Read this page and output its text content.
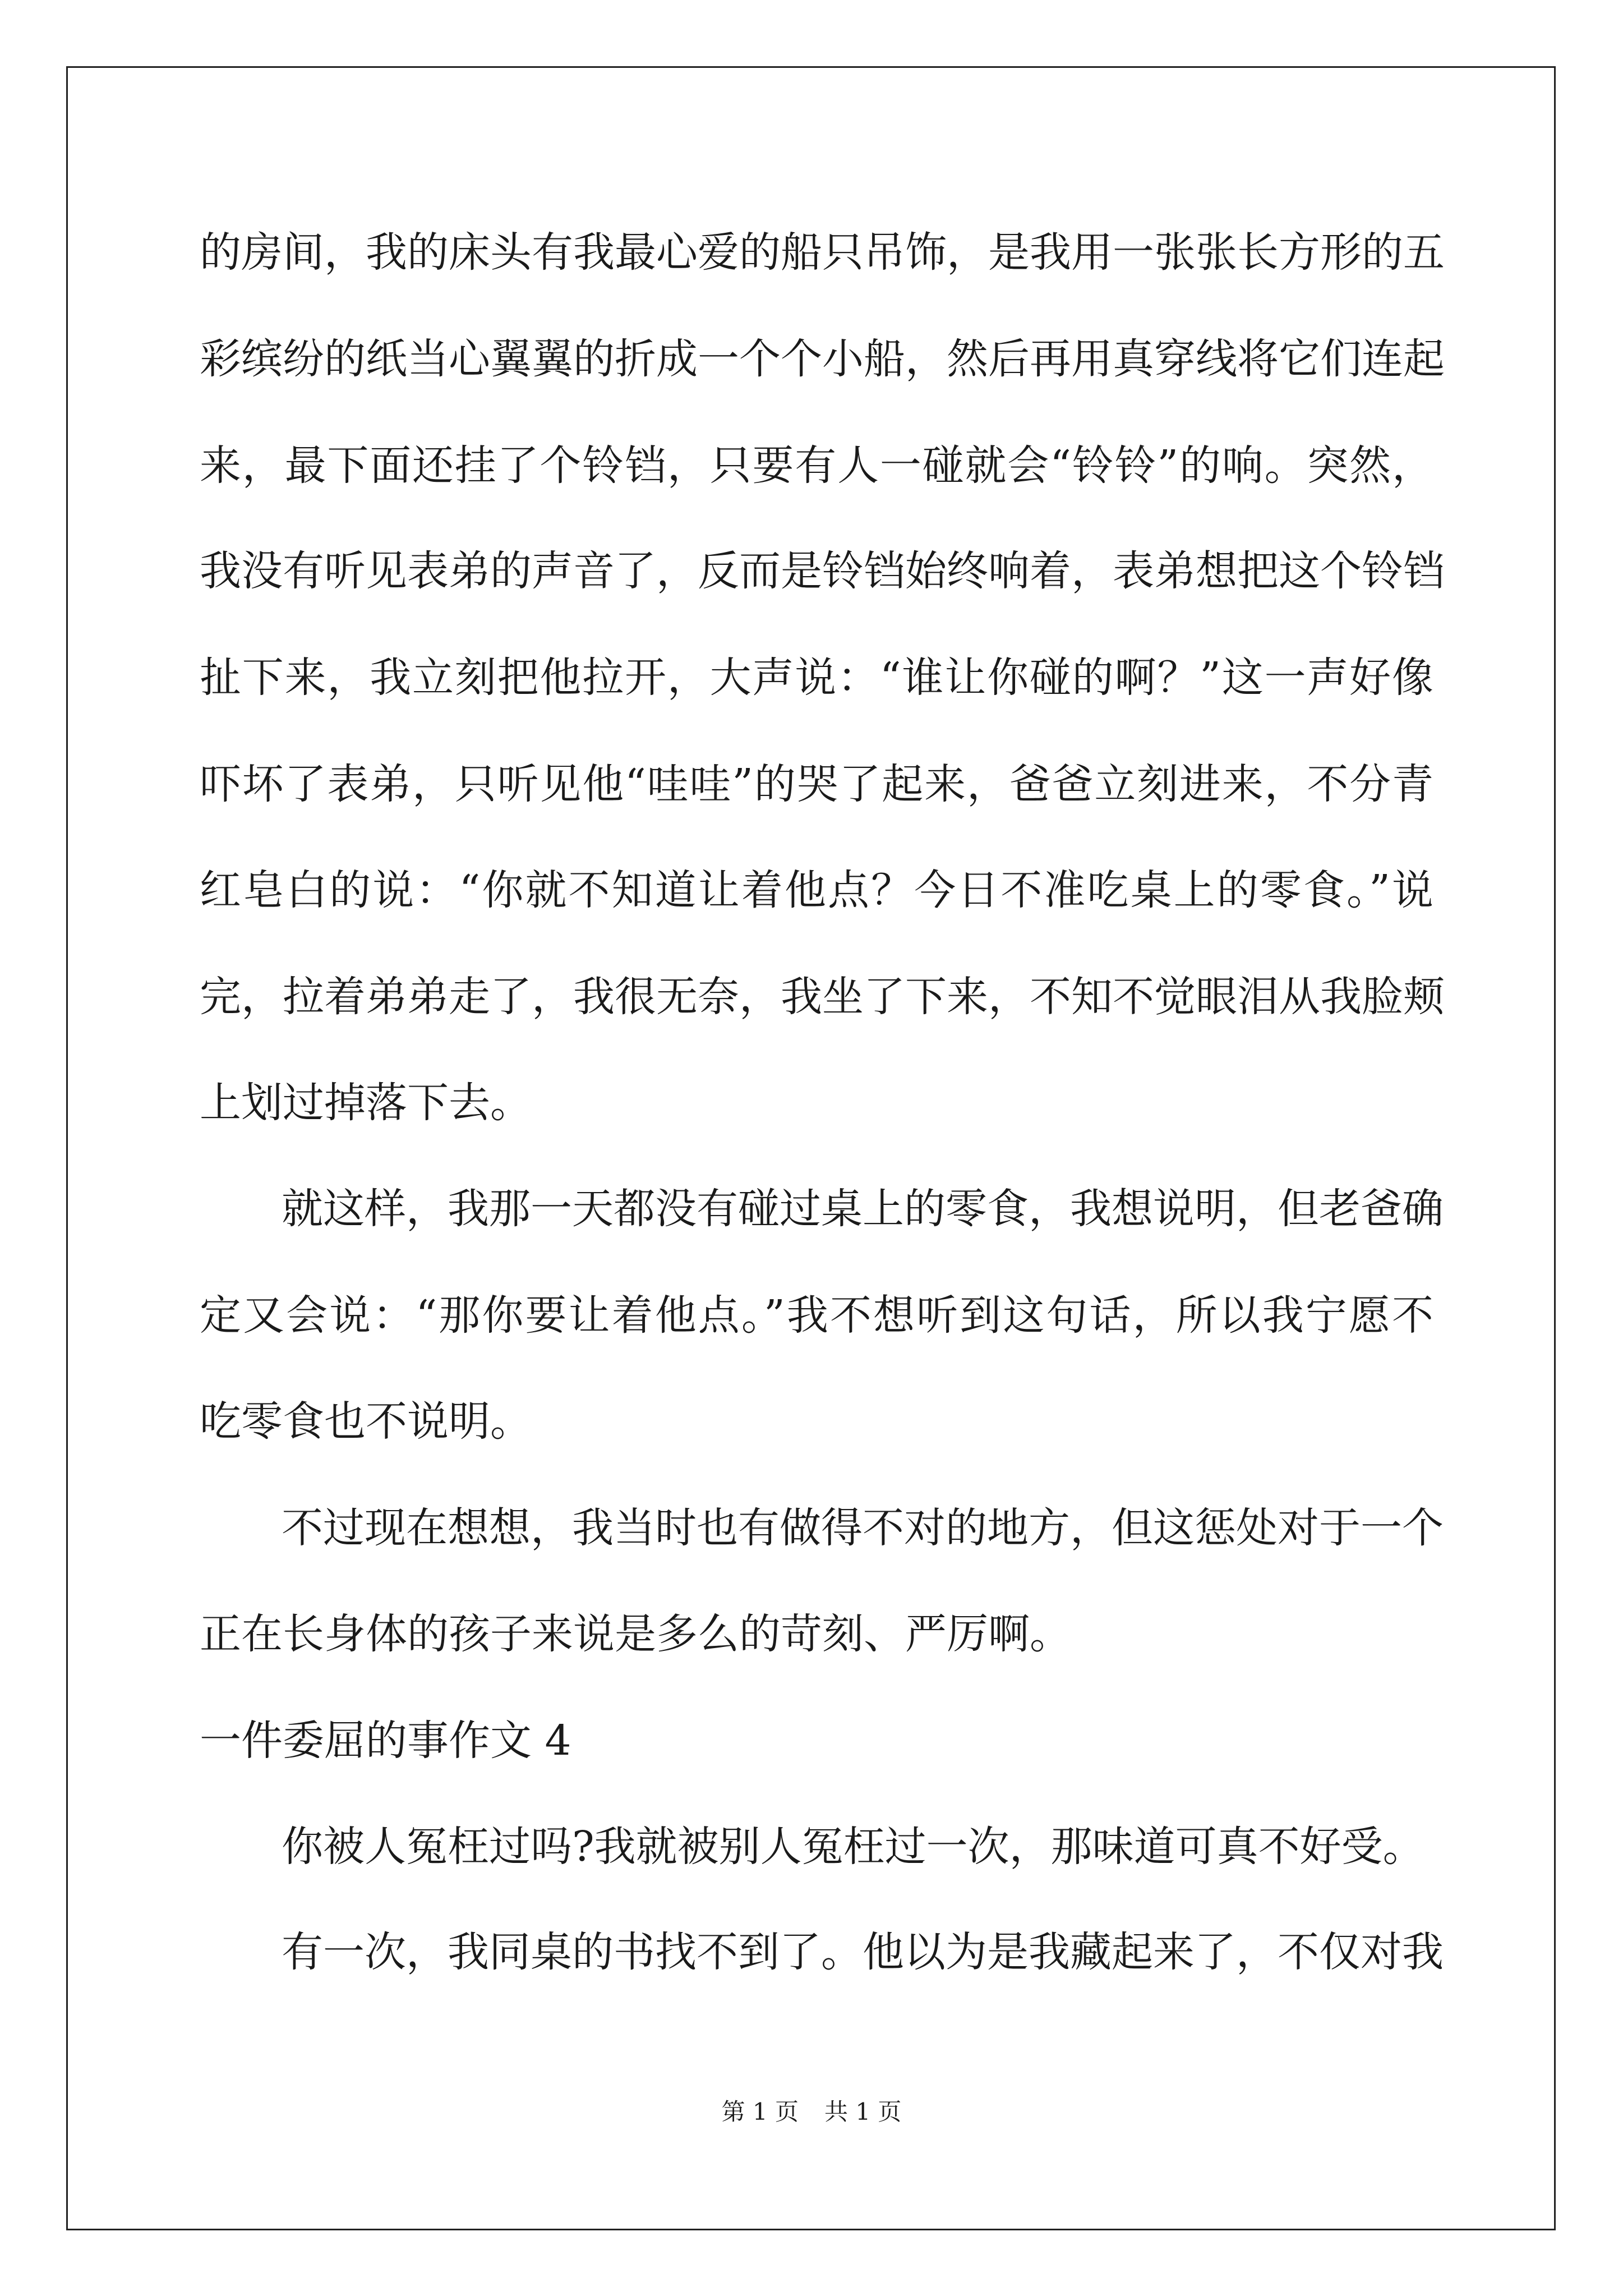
的房间，我的床头有我最心爱的船只吊饰，是我用一张张长方形的五
彩缤纷的纸当心翼翼的折成一个个小船，然后再用真穿线将它们连起
来，最下面还挂了个铃铛，只要有人一碰就会“铃铃”的响。突然，
我没有听见表弟的声音了，反而是铃铛始终响着，表弟想把这个铃铛
扯下来，我立刻把他拉开，大声说：“谁让你碰的啊？”这一声好像
吓坏了表弟，只听见他“哇哇”的哭了起来，爸爸立刻进来，不分青
红皂白的说：“你就不知道让着他点？今日不准吃桌上的零食。”说
完，拉着弟弟走了，我很无奈，我坐了下来，不知不觉眼泪从我脸颊
上划过掉落下去。
就这样，我那一天都没有碰过桌上的零食，我想说明，但老爸确
定又会说：“那你要让着他点。”我不想听到这句话，所以我宁愿不
吃零食也不说明。
不过现在想想，我当时也有做得不对的地方，但这惩处对于一个
正在长身体的孩子来说是多么的苛刻、严厉啊。
一件委屈的事作文 4
你被人冤枉过吗?我就被别人冤枉过一次，那味道可真不好受。
有一次，我同桌的书找不到了。他以为是我藏起来了，不仅对我
第 1 页 共 1 页
